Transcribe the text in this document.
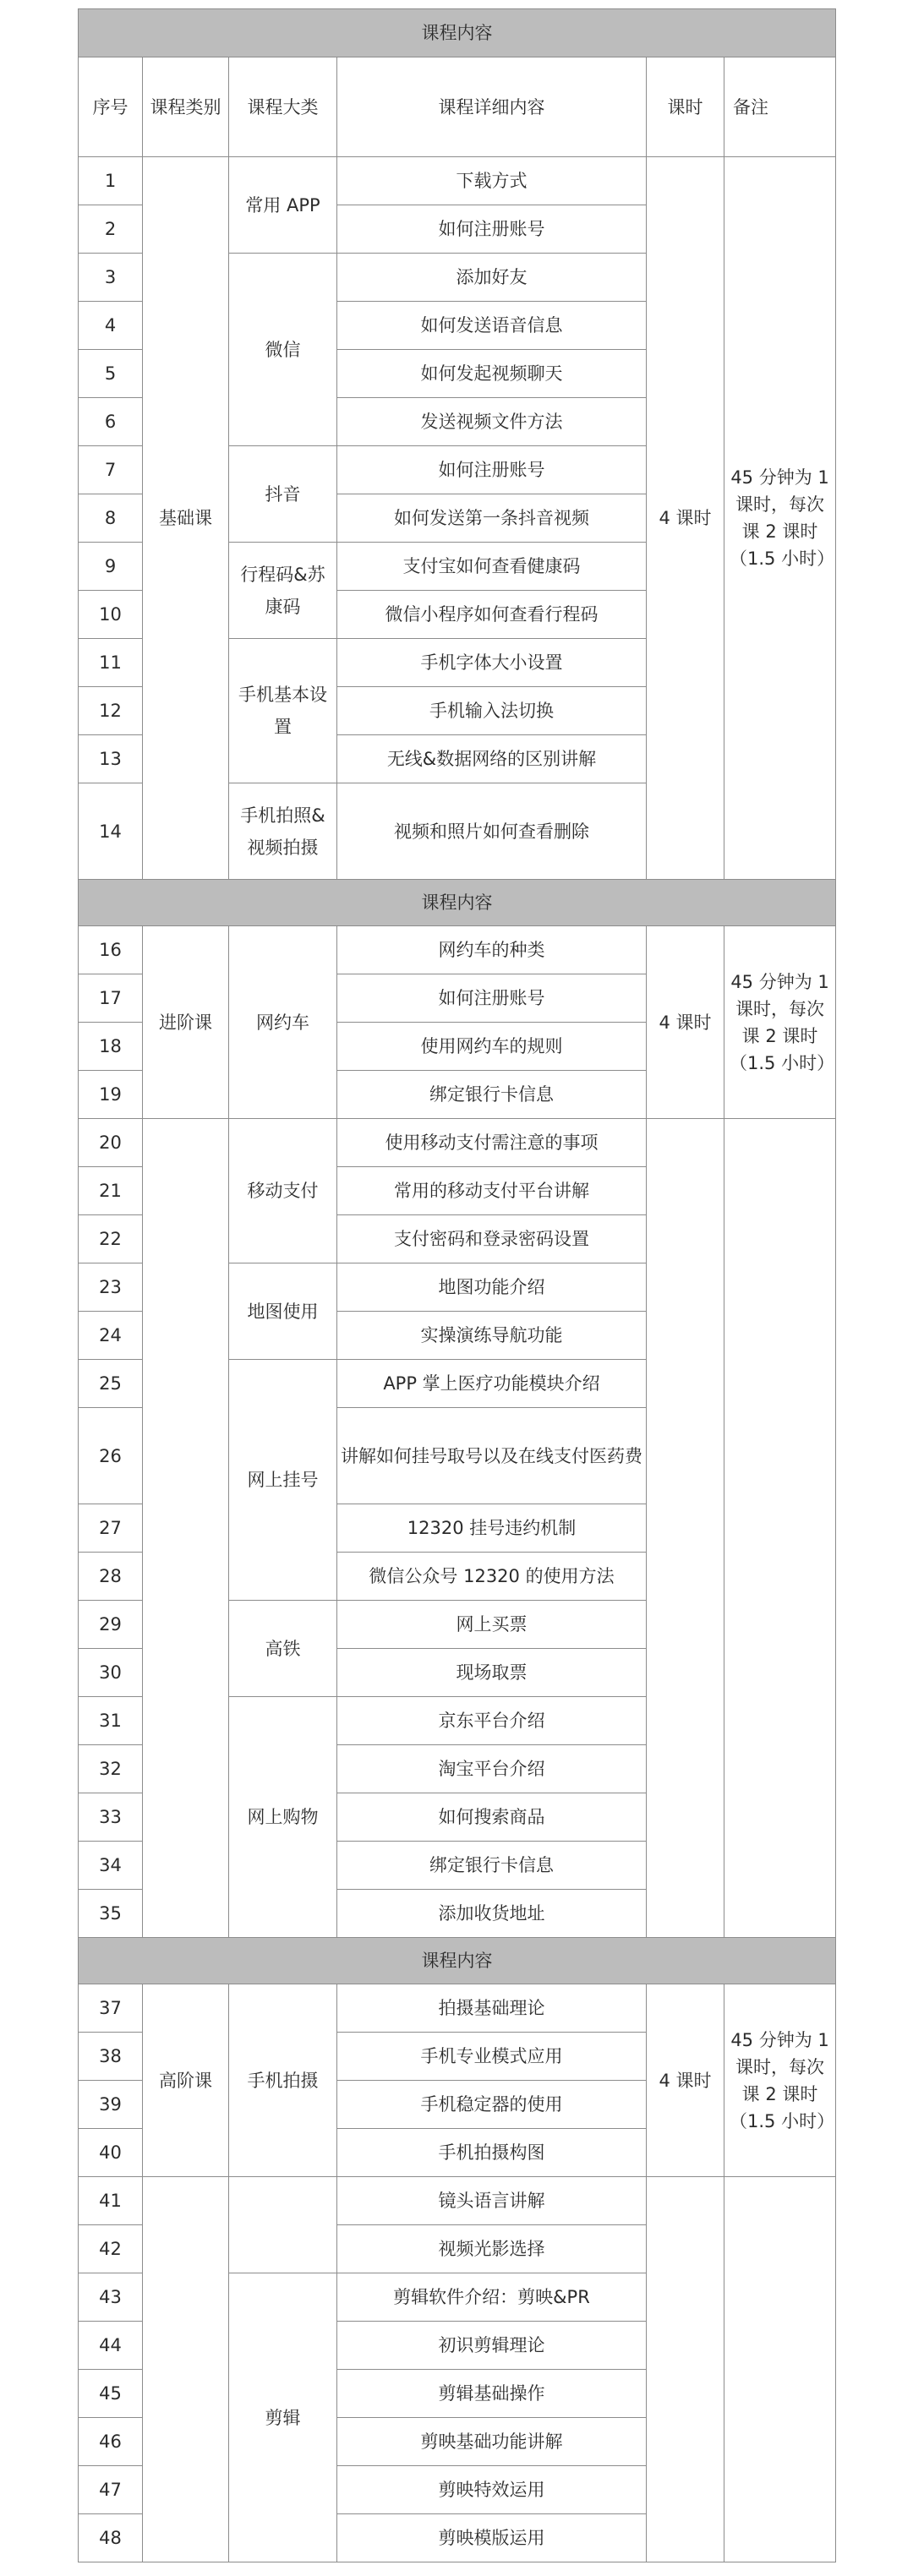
课程内容					
序号	课程类别	课程大类	课程详细内容	课时	备注
1	基础课	常用 APP	下载方式	4 课时	45 分钟为 1 课时，每次课 2 课时（1.5 小时）
2			如何注册账号		
3		微信	添加好友		
4			如何发送语音信息		
5			如何发起视频聊天		
6			发送视频文件方法		
7		抖音	如何注册账号		
8			如何发送第一条抖音视频		
9		行程码&苏康码	支付宝如何查看健康码		
10			微信小程序如何查看行程码		
11		手机基本设置	手机字体大小设置		
12			手机输入法切换		
13			无线&数据网络的区别讲解		
14		手机拍照&视频拍摄	视频和照片如何查看删除		
课程内容					
16	进阶课	网约车	网约车的种类	4 课时	45 分钟为 1 课时，每次课 2 课时（1.5 小时）
17			如何注册账号		
18			使用网约车的规则		
19			绑定银行卡信息		
20		移动支付	使用移动支付需注意的事项		
21			常用的移动支付平台讲解		
22			支付密码和登录密码设置		
23		地图使用	地图功能介绍		
24			实操演练导航功能		
25		网上挂号	APP 掌上医疗功能模块介绍		
26			讲解如何挂号取号以及在线支付医药费		
27			12320 挂号违约机制		
28			微信公众号 12320 的使用方法		
29		高铁	网上买票		
30			现场取票		
31		网上购物	京东平台介绍		
32			淘宝平台介绍		
33			如何搜索商品		
34			绑定银行卡信息		
35			添加收货地址		
课程内容					
37	高阶课	手机拍摄	拍摄基础理论	4 课时	45 分钟为 1 课时，每次课 2 课时（1.5 小时）
38			手机专业模式应用		
39			手机稳定器的使用		
40			手机拍摄构图		
41			镜头语言讲解		
42			视频光影选择		
43		剪辑	剪辑软件介绍：剪映&PR		
44			初识剪辑理论		
45			剪辑基础操作		
46			剪映基础功能讲解		
47			剪映特效运用		
48			剪映模版运用		
